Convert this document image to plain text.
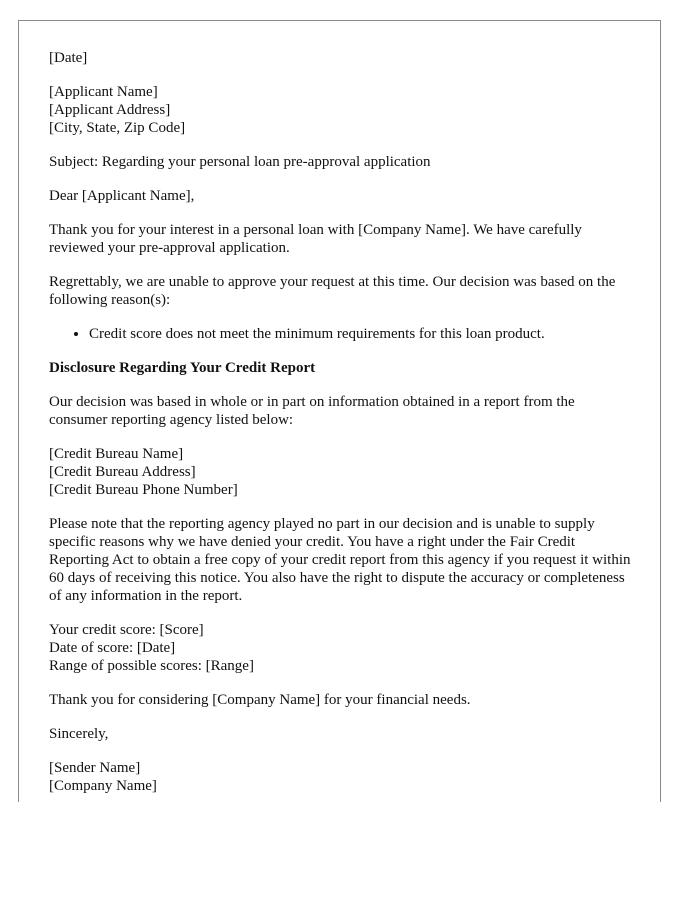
[Date]

[Applicant Name]
[Applicant Address]
[City, State, Zip Code]

Subject: Regarding your personal loan pre-approval application

Dear [Applicant Name],

Thank you for your interest in a personal loan with [Company Name]. We have carefully reviewed your pre-approval application.

Regrettably, we are unable to approve your request at this time. Our decision was based on the following reason(s):

• Credit score does not meet the minimum requirements for this loan product.
Disclosure Regarding Your Credit Report

Our decision was based in whole or in part on information obtained in a report from the consumer reporting agency listed below:

[Credit Bureau Name]
[Credit Bureau Address]
[Credit Bureau Phone Number]

Please note that the reporting agency played no part in our decision and is unable to supply specific reasons why we have denied your credit. You have a right under the Fair Credit Reporting Act to obtain a free copy of your credit report from this agency if you request it within 60 days of receiving this notice. You also have the right to dispute the accuracy or completeness of any information in the report.

Your credit score: [Score]
Date of score: [Date]
Range of possible scores: [Range]

Thank you for considering [Company Name] for your financial needs.

Sincerely,

[Sender Name]
[Company Name]
